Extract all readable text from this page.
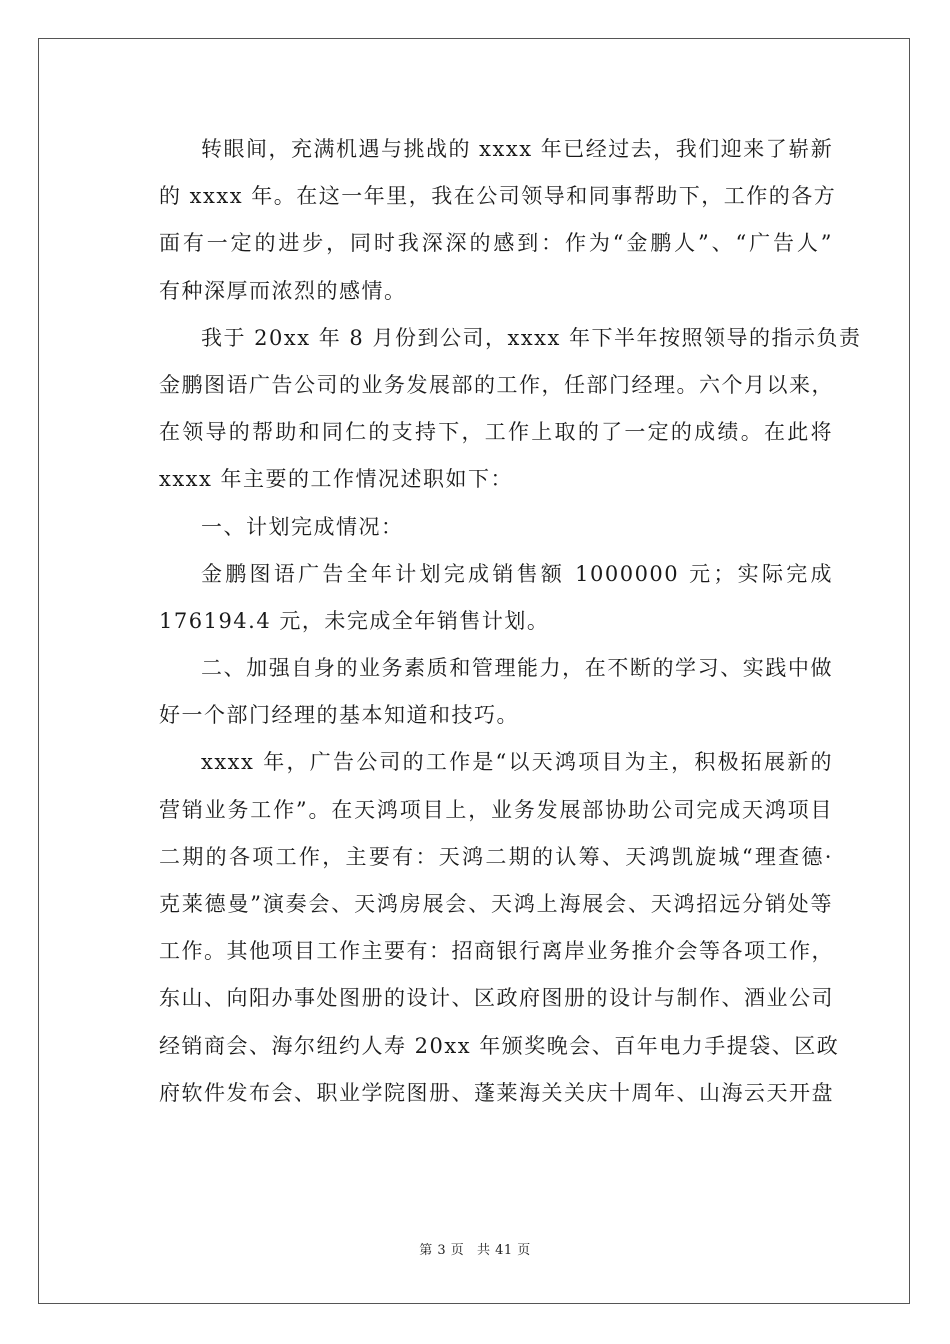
转眼间，充满机遇与挑战的 xxxx 年已经过去，我们迎来了崭新
的 xxxx 年。在这一年里，我在公司领导和同事帮助下，工作的各方
面有一定的进步，同时我深深的感到：作为“金鹏人”、“广告人”
有种深厚而浓烈的感情。
我于 20xx 年 8 月份到公司，xxxx 年下半年按照领导的指示负责
金鹏图语广告公司的业务发展部的工作，任部门经理。六个月以来，
在领导的帮助和同仁的支持下，工作上取的了一定的成绩。在此将
xxxx 年主要的工作情况述职如下：
一、计划完成情况：
金鹏图语广告全年计划完成销售额 1000000 元；实际完成
176194.4 元，未完成全年销售计划。
二、加强自身的业务素质和管理能力，在不断的学习、实践中做
好一个部门经理的基本知道和技巧。
xxxx 年，广告公司的工作是“以天鸿项目为主，积极拓展新的
营销业务工作”。在天鸿项目上，业务发展部协助公司完成天鸿项目
二期的各项工作，主要有：天鸿二期的认筹、天鸿凯旋城“理查德·
克莱德曼”演奏会、天鸿房展会、天鸿上海展会、天鸿招远分销处等
工作。其他项目工作主要有：招商银行离岸业务推介会等各项工作，
东山、向阳办事处图册的设计、区政府图册的设计与制作、酒业公司
经销商会、海尔纽约人寿 20xx 年颁奖晚会、百年电力手提袋、区政
府软件发布会、职业学院图册、蓬莱海关关庆十周年、山海云天开盘
第 3 页 共 41 页
